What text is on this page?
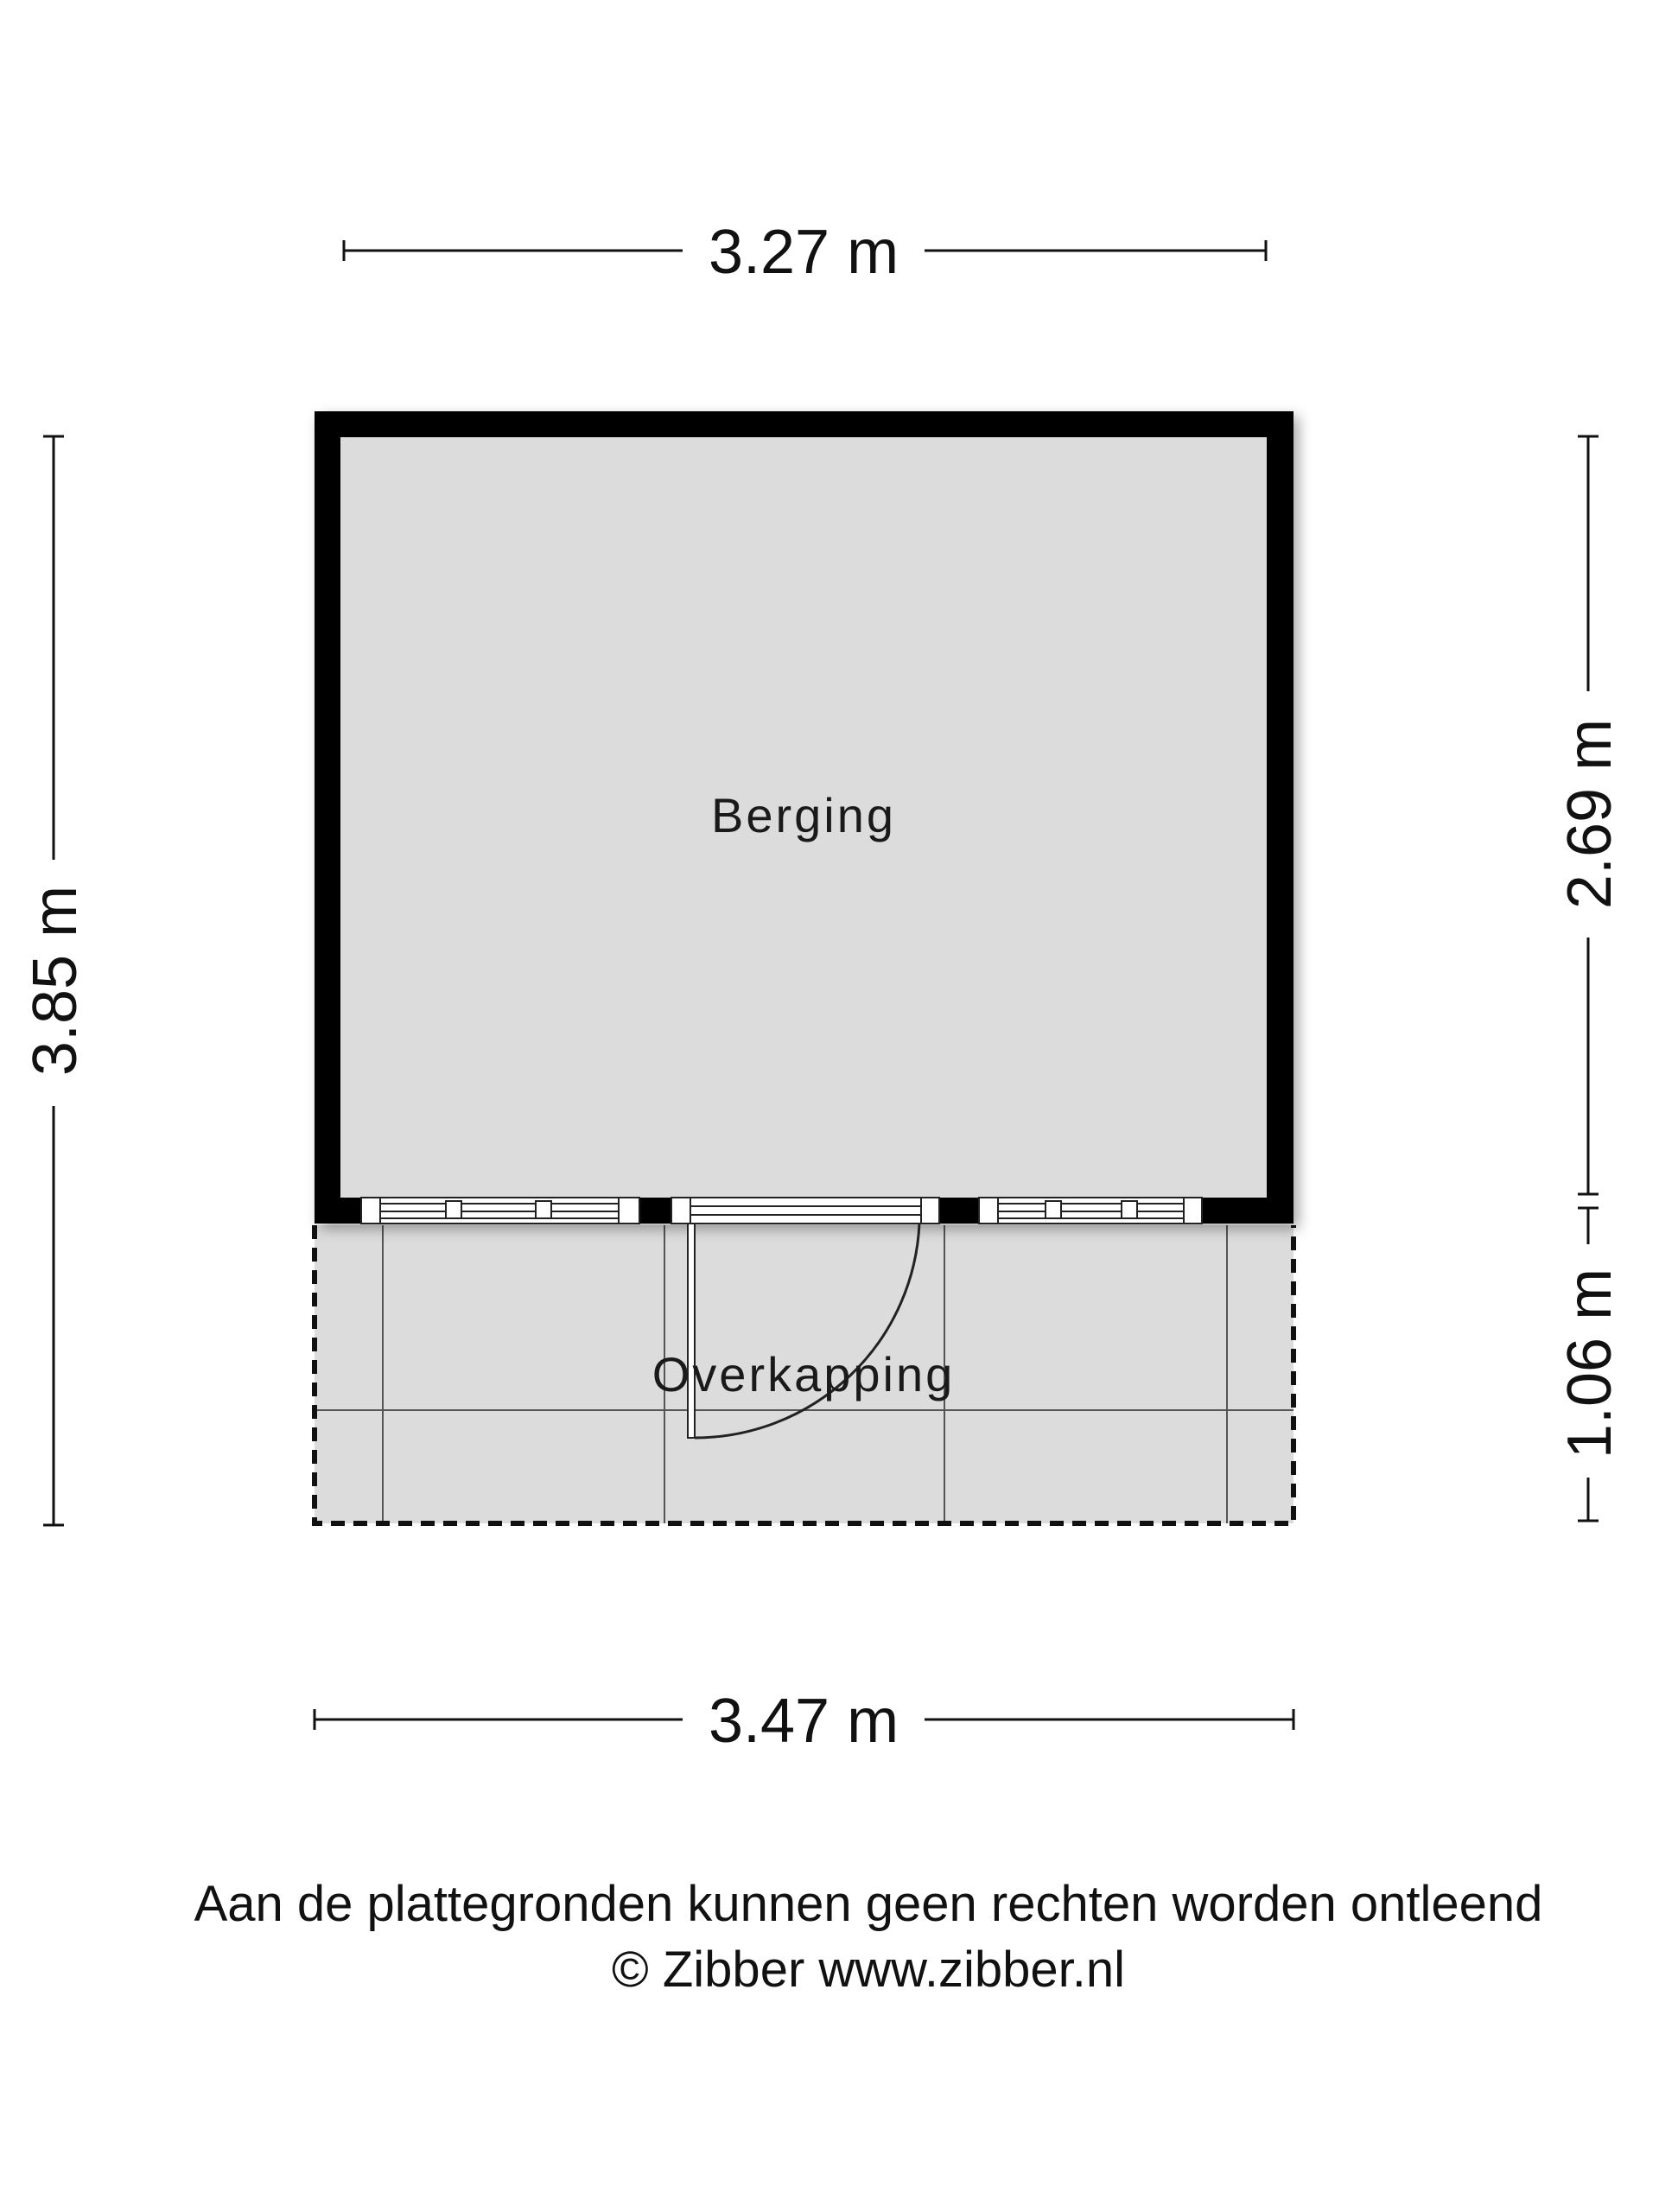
3.27 m
3.85 m
2.69 m
1.06 m
Berging
Overkapping
3.47 m
Aan de plattegronden kunnen geen rechten worden ontleend
© Zibber www.zibber.nl
